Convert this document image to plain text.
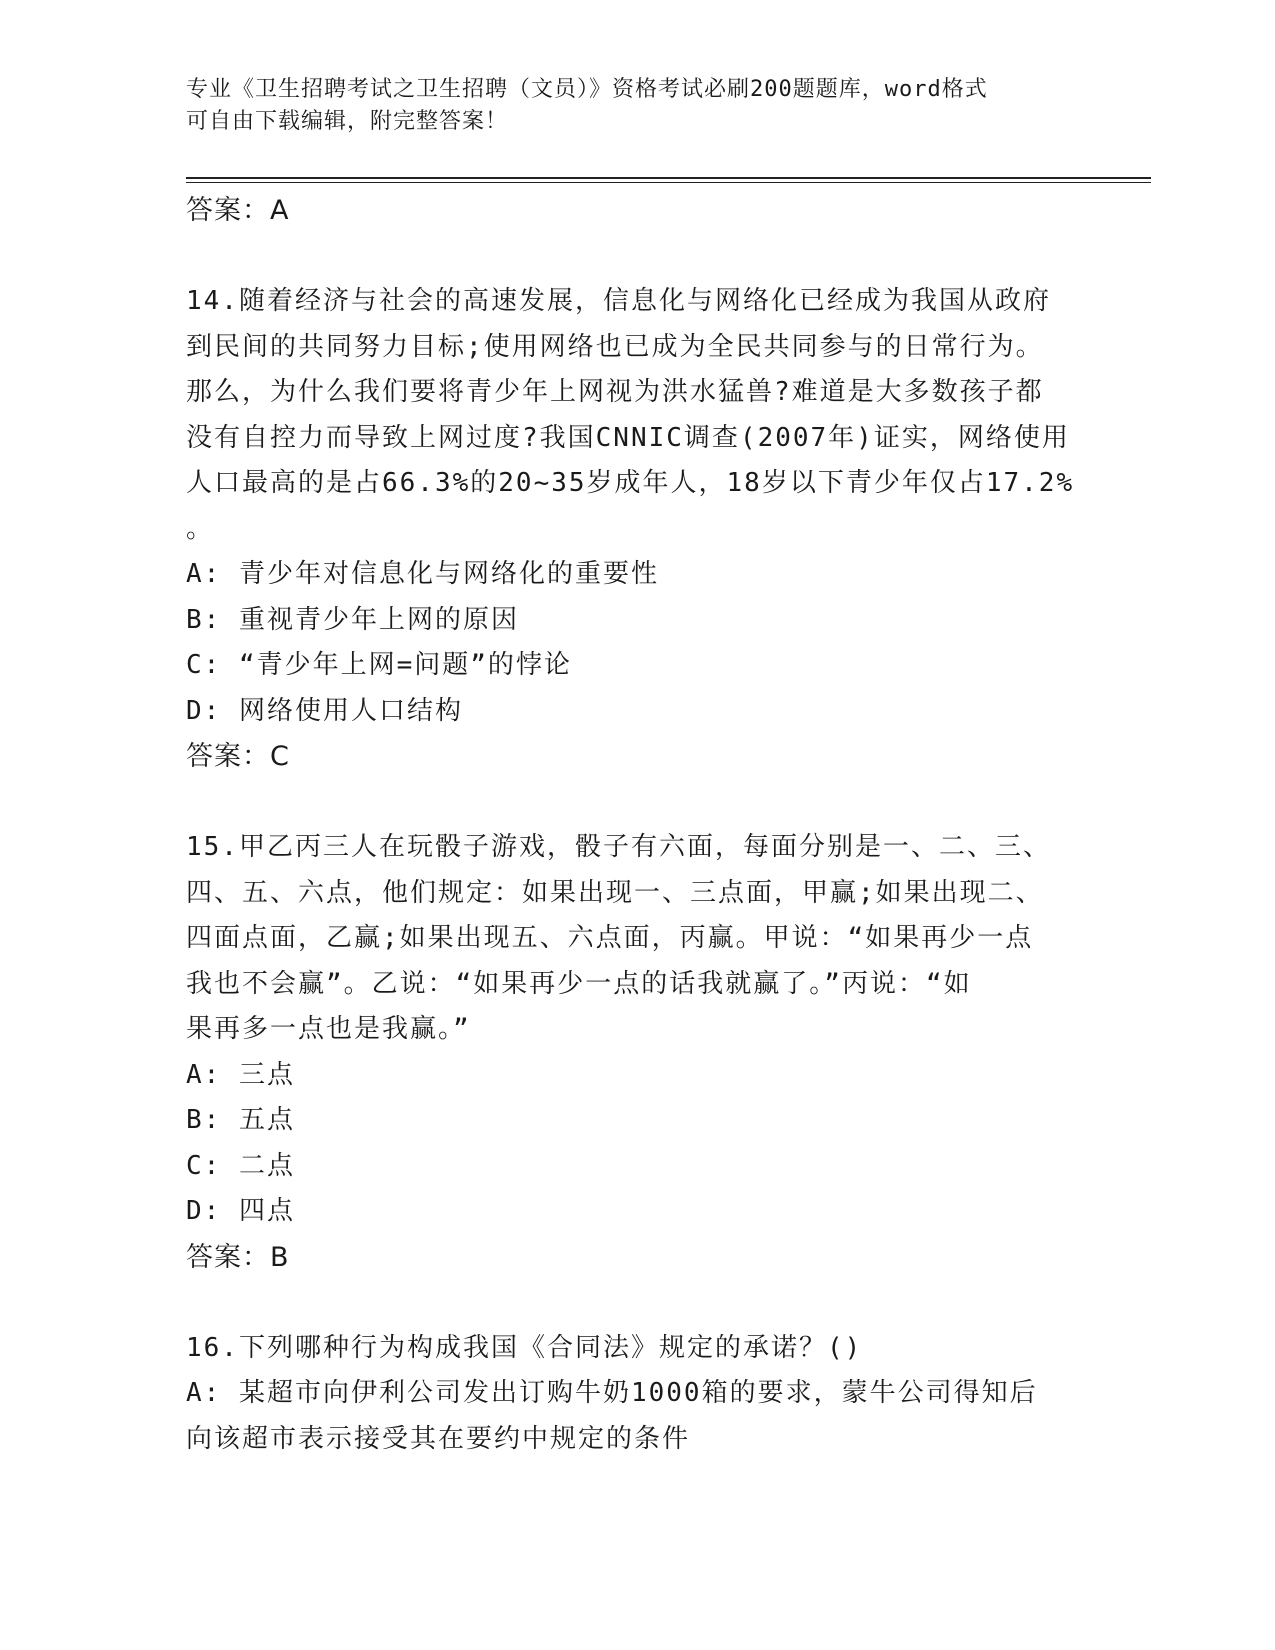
专业《卫生招聘考试之卫生招聘（文员）》资格考试必刷200题题库，word格式
可自由下载编辑，附完整答案！
答案：A
14.随着经济与社会的高速发展，信息化与网络化已经成为我国从政府
到民间的共同努力目标;使用网络也已成为全民共同参与的日常行为。
那么，为什么我们要将青少年上网视为洪水猛兽?难道是大多数孩子都
没有自控力而导致上网过度?我国CNNIC调查(2007年)证实，网络使用
人口最高的是占66.3%的20~35岁成年人，18岁以下青少年仅占17.2%
。
A: 青少年对信息化与网络化的重要性
B: 重视青少年上网的原因
C: “青少年上网=问题”的悖论
D: 网络使用人口结构
答案：C
15.甲乙丙三人在玩骰子游戏，骰子有六面，每面分别是一、二、三、
四、五、六点，他们规定：如果出现一、三点面，甲赢;如果出现二、
四面点面，乙赢;如果出现五、六点面，丙赢。甲说：“如果再少一点
我也不会赢”。乙说：“如果再少一点的话我就赢了。”丙说：“如
果再多一点也是我赢。”
A: 三点
B: 五点
C: 二点
D: 四点
答案：B
16.下列哪种行为构成我国《合同法》规定的承诺？()
A: 某超市向伊利公司发出订购牛奶1000箱的要求，蒙牛公司得知后
向该超市表示接受其在要约中规定的条件
